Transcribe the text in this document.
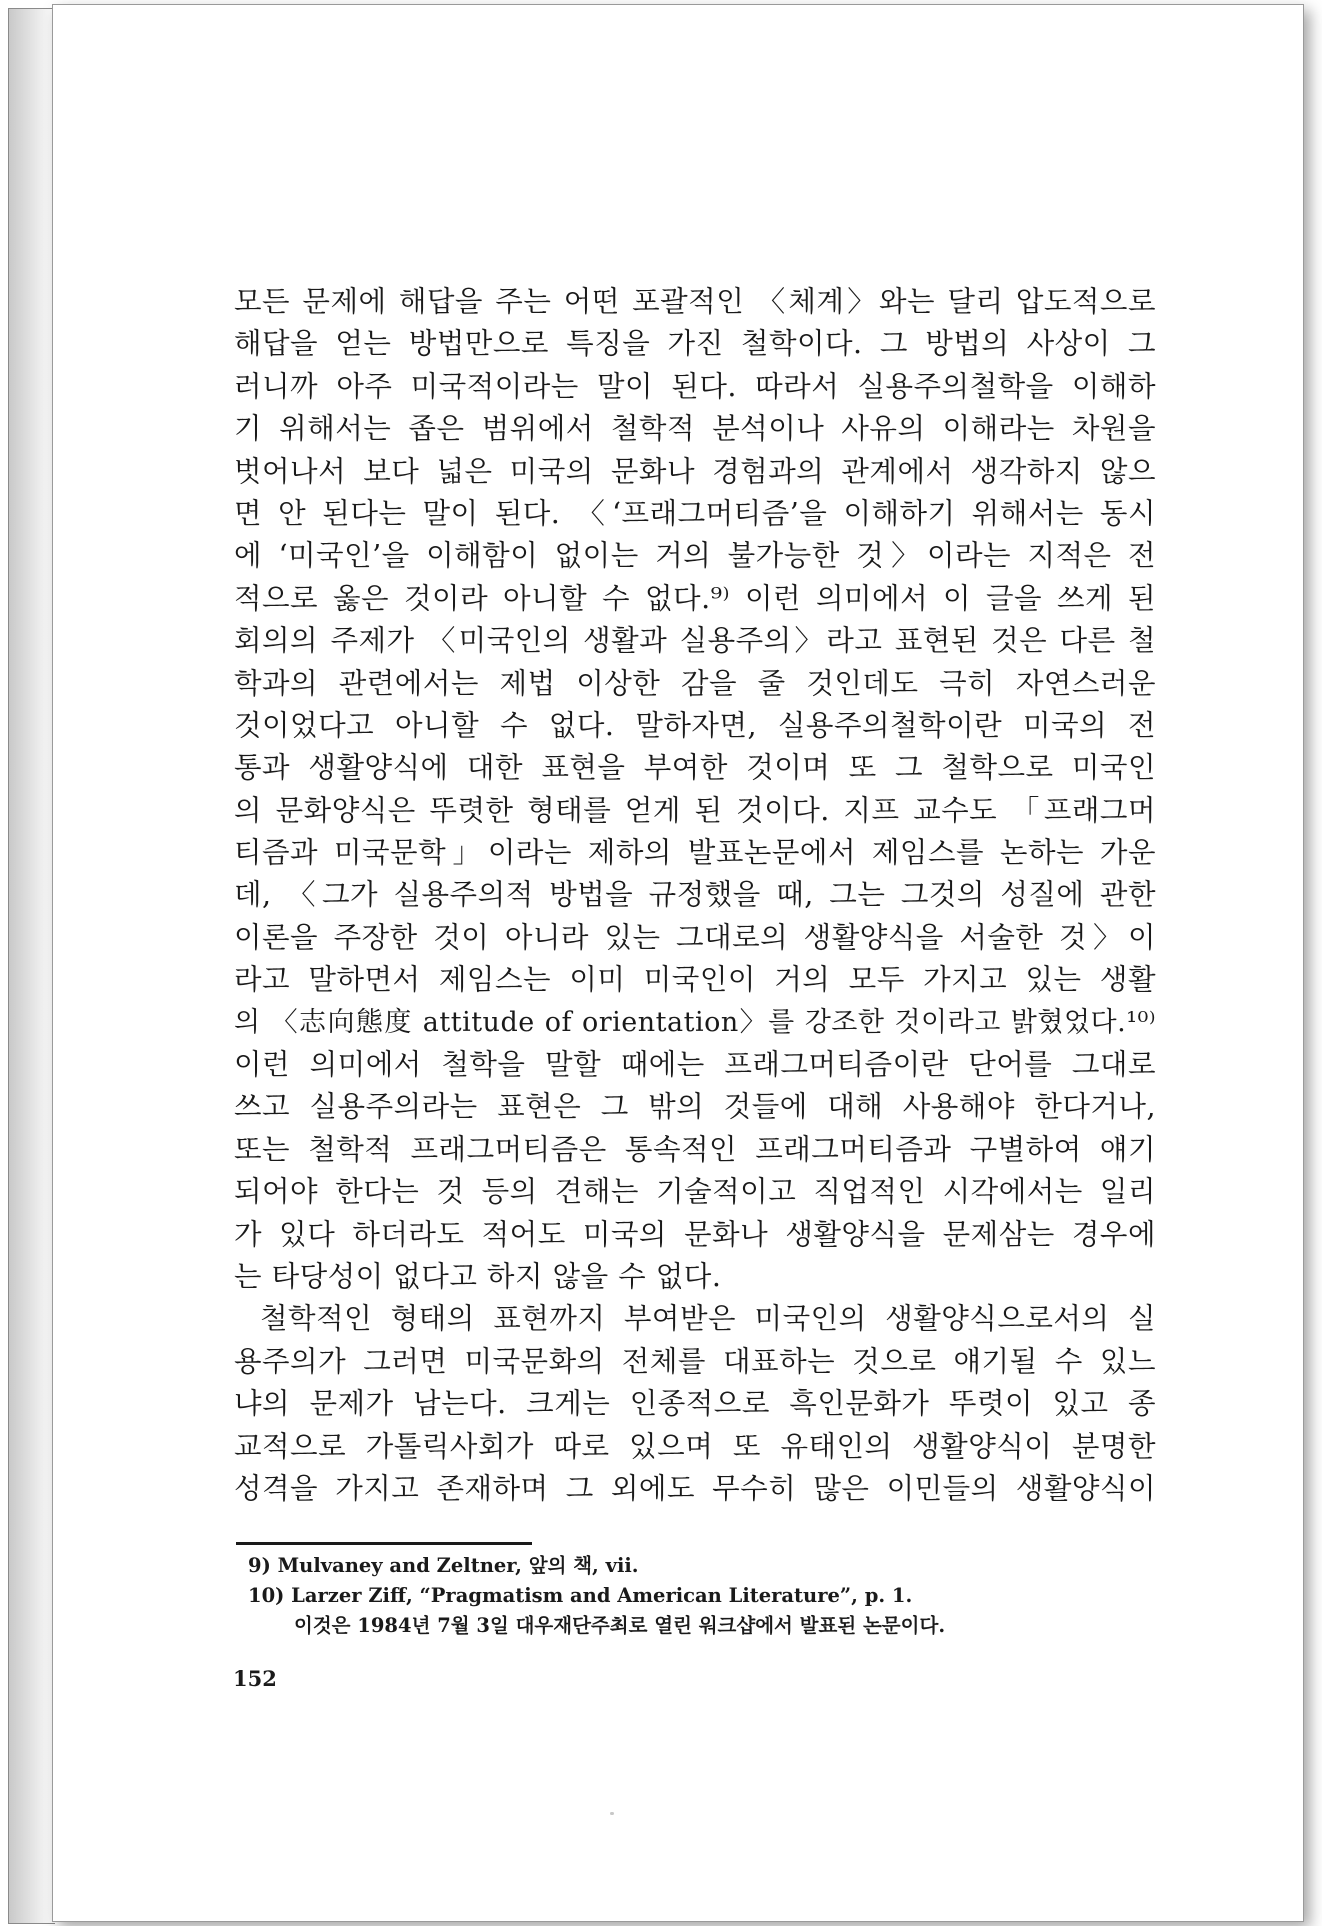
모든 문제에 해답을 주는 어떤 포괄적인 〈체계〉와는 달리 압도적으로
해답을 얻는 방법만으로 특징을 가진 철학이다. 그 방법의 사상이 그
러니까 아주 미국적이라는 말이 된다. 따라서 실용주의철학을 이해하
기 위해서는 좁은 범위에서 철학적 분석이나 사유의 이해라는 차원을
벗어나서 보다 넓은 미국의 문화나 경험과의 관계에서 생각하지 않으
면 안 된다는 말이 된다. 〈‘프래그머티즘’을 이해하기 위해서는 동시
에 ‘미국인’을 이해함이 없이는 거의 불가능한 것〉이라는 지적은 전
적으로 옳은 것이라 아니할 수 없다.⁹⁾ 이런 의미에서 이 글을 쓰게 된
회의의 주제가 〈미국인의 생활과 실용주의〉라고 표현된 것은 다른 철
학과의 관련에서는 제법 이상한 감을 줄 것인데도 극히 자연스러운
것이었다고 아니할 수 없다. 말하자면, 실용주의철학이란 미국의 전
통과 생활양식에 대한 표현을 부여한 것이며 또 그 철학으로 미국인
의 문화양식은 뚜렷한 형태를 얻게 된 것이다. 지프 교수도 「프래그머
티즘과 미국문학」이라는 제하의 발표논문에서 제임스를 논하는 가운
데, 〈그가 실용주의적 방법을 규정했을 때, 그는 그것의 성질에 관한
이론을 주장한 것이 아니라 있는 그대로의 생활양식을 서술한 것〉이
라고 말하면서 제임스는 이미 미국인이 거의 모두 가지고 있는 생활
의 〈志向態度 attitude of orientation〉를 강조한 것이라고 밝혔었다.¹⁰⁾
이런 의미에서 철학을 말할 때에는 프래그머티즘이란 단어를 그대로
쓰고 실용주의라는 표현은 그 밖의 것들에 대해 사용해야 한다거나,
또는 철학적 프래그머티즘은 통속적인 프래그머티즘과 구별하여 얘기
되어야 한다는 것 등의 견해는 기술적이고 직업적인 시각에서는 일리
가 있다 하더라도 적어도 미국의 문화나 생활양식을 문제삼는 경우에
는 타당성이 없다고 하지 않을 수 없다.
철학적인 형태의 표현까지 부여받은 미국인의 생활양식으로서의 실
용주의가 그러면 미국문화의 전체를 대표하는 것으로 얘기될 수 있느
냐의 문제가 남는다. 크게는 인종적으로 흑인문화가 뚜렷이 있고 종
교적으로 가톨릭사회가 따로 있으며 또 유태인의 생활양식이 분명한
성격을 가지고 존재하며 그 외에도 무수히 많은 이민들의 생활양식이
9) Mulvaney and Zeltner, 앞의 책, vii.
10) Larzer Ziff, “Pragmatism and American Literature”, p. 1.
이것은 1984년 7월 3일 대우재단주최로 열린 워크샵에서 발표된 논문이다.
152
